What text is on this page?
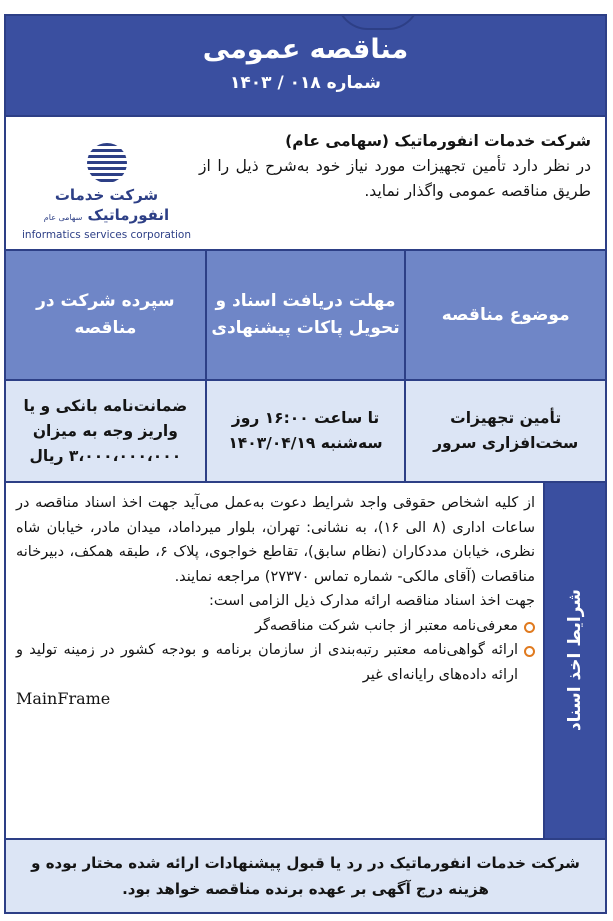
مناقصه عمومی
شماره ۰۱۸ / ۱۴۰۳
شرکت خدمات انفورماتیک (سهامی عام)
در نظر دارد تأمین تجهیزات مورد نیاز خود به‌شرح ذیل را از طریق مناقصه عمومی واگذار نماید.
شرکت خدمات انفورماتیک سهامی عام
informatics services corporation
موضوع مناقصه	مهلت دریافت اسناد و تحویل پاکات پیشنهادی	سپرده شرکت در مناقصه
تأمین تجهیزات سخت‌افزاری سرور	تا ساعت ۱۶:۰۰ روز سه‌شنبه ۱۴۰۳/۰۴/۱۹	ضمانت‌نامه بانکی و یا واریز وجه به میزان ۳،۰۰۰،۰۰۰،۰۰۰ ریال
شرایط اخذ اسناد

از کلیه اشخاص حقوقی واجد شرایط دعوت به‌عمل می‌آید جهت اخذ اسناد مناقصه در ساعات اداری (۸ الی ۱۶)، به نشانی: تهران، بلوار میرداماد، میدان مادر، خیابان شاه نظری، خیابان مددکاران (نظام سابق)، تقاطع خواجوی، پلاک ۶، طبقه همکف، دبیرخانه مناقصات (آقای مالکی- شماره تماس ۲۷۳۷۰) مراجعه نمایند.

جهت اخذ اسناد مناقصه ارائه مدارک ذیل الزامی است:

معرفی‌نامه معتبر از جانب شرکت مناقصه‌گر
ارائه گواهی‌نامه معتبر رتبه‌بندی از سازمان برنامه و بودجه کشور در زمینه تولید و ارائه داده‌های رایانه‌ای غیر
MainFrame
شرکت خدمات انفورماتیک در رد یا قبول پیشنهادات ارائه شده مختار بوده و هزینه درج آگهی بر عهده برنده مناقصه خواهد بود.
